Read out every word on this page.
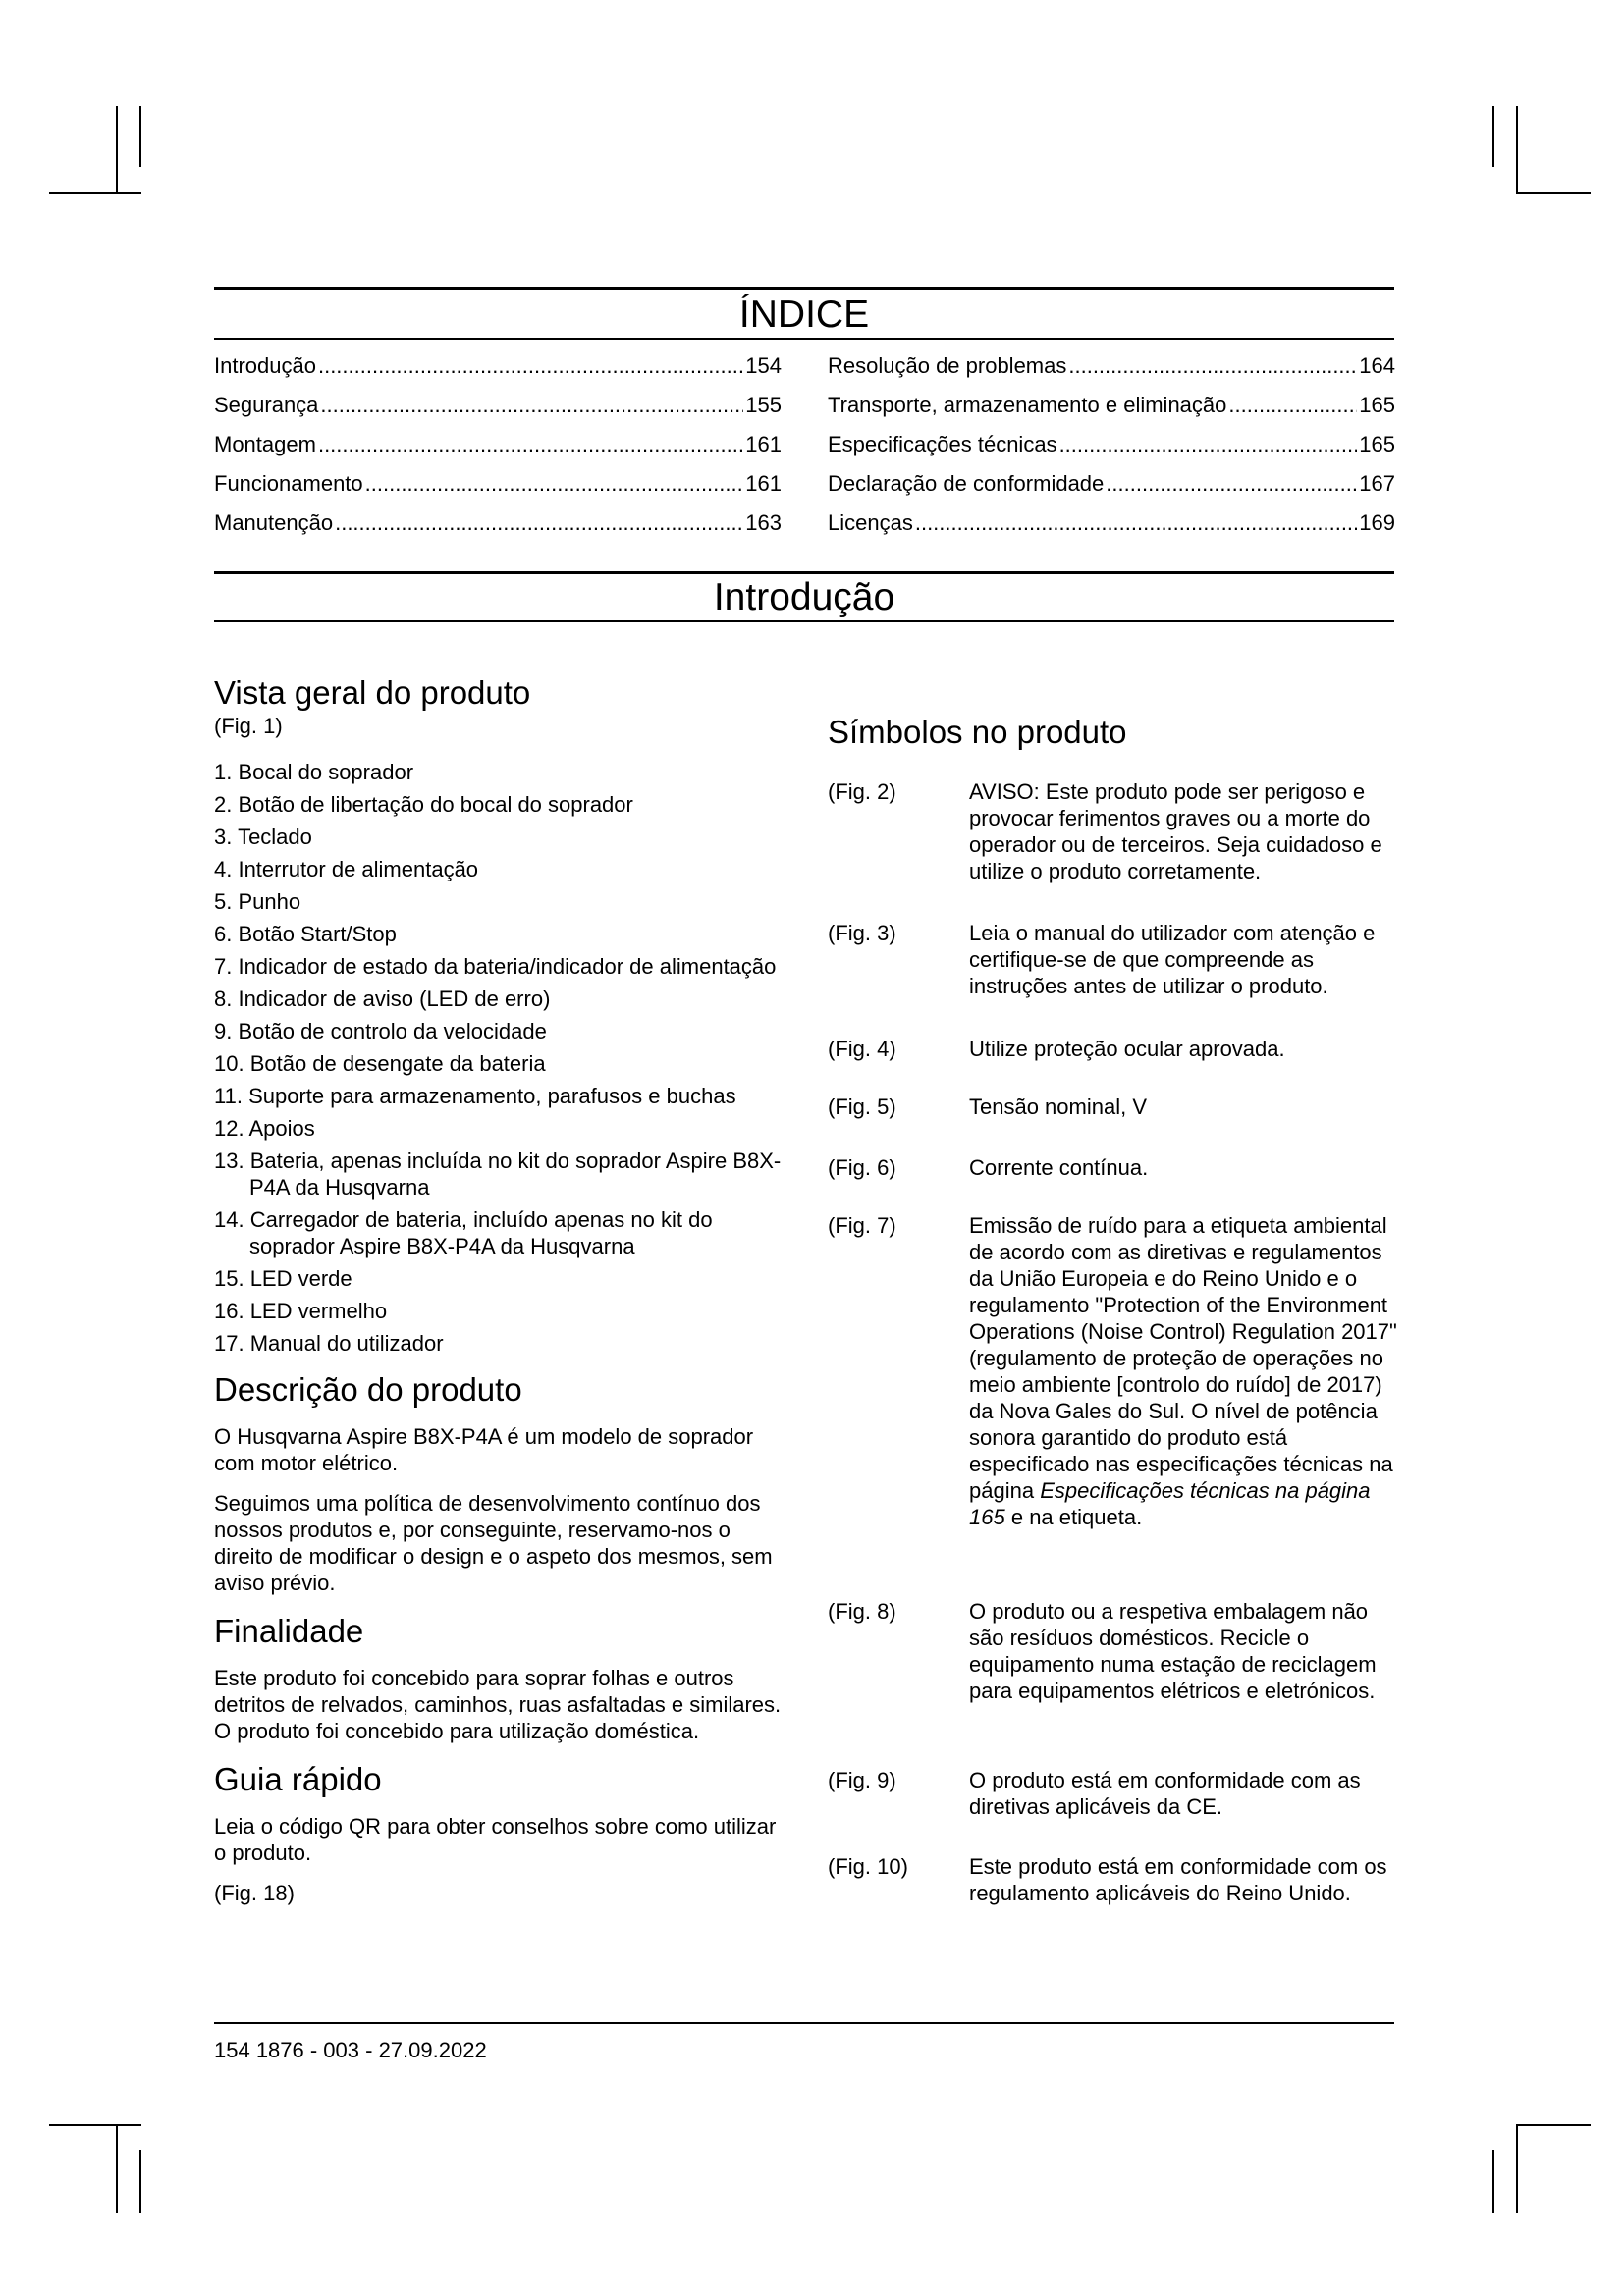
ÍNDICE
Introdução .....	154
Segurança .....	155
Montagem .....	161
Funcionamento .....	161
Manutenção .....	163
Resolução de problemas .....	164
Transporte, armazenamento e eliminação .....	165
Especificações técnicas .....	165
Declaração de conformidade .....	167
Licenças .....	169
Introdução
Vista geral do produto

(Fig. 1)

1. Bocal do soprador
2. Botão de libertação do bocal do soprador
3. Teclado
4. Interrutor de alimentação
5. Punho
6. Botão Start/Stop
7. Indicador de estado da bateria/indicador de alimentação
8. Indicador de aviso (LED de erro)
9. Botão de controlo da velocidade
10. Botão de desengate da bateria
11. Suporte para armazenamento, parafusos e buchas
12. Apoios
13. Bateria, apenas incluída no kit do soprador Aspire B8X-P4A da Husqvarna
14. Carregador de bateria, incluído apenas no kit do soprador Aspire B8X-P4A da Husqvarna
15. LED verde
16. LED vermelho
17. Manual do utilizador
Descrição do produto

O Husqvarna Aspire B8X-P4A é um modelo de soprador com motor elétrico.

Seguimos uma política de desenvolvimento contínuo dos nossos produtos e, por conseguinte, reservamo-nos o direito de modificar o design e o aspeto dos mesmos, sem aviso prévio.

Finalidade

Este produto foi concebido para soprar folhas e outros detritos de relvados, caminhos, ruas asfaltadas e similares. O produto foi concebido para utilização doméstica.

Guia rápido

Leia o código QR para obter conselhos sobre como utilizar o produto.

(Fig. 18)

Símbolos no produto
(Fig. 2)	AVISO: Este produto pode ser perigoso e provocar ferimentos graves ou a morte do operador ou de terceiros. Seja cuidadoso e utilize o produto corretamente.
(Fig. 3)	Leia o manual do utilizador com atenção e certifique-se de que compreende as instruções antes de utilizar o produto.
(Fig. 4)	Utilize proteção ocular aprovada.
(Fig. 5)	Tensão nominal, V
(Fig. 6)	Corrente contínua.
(Fig. 7)	Emissão de ruído para a etiqueta ambiental de acordo com as diretivas e regulamentos da União Europeia e do Reino Unido e o regulamento "Protection of the Environment Operations (Noise Control) Regulation 2017" (regulamento de proteção de operações no meio ambiente [controlo do ruído] de 2017) da Nova Gales do Sul. O nível de potência sonora garantido do produto está especificado nas especificações técnicas na página Especificações técnicas na página 165 e na etiqueta.
(Fig. 8)	O produto ou a respetiva embalagem não são resíduos domésticos. Recicle o equipamento numa estação de reciclagem para equipamentos elétricos e eletrónicos.
(Fig. 9)	O produto está em conformidade com as diretivas aplicáveis da CE.
(Fig. 10)	Este produto está em conformidade com os regulamento aplicáveis do Reino Unido.
154 1876 - 003 - 27.09.2022
